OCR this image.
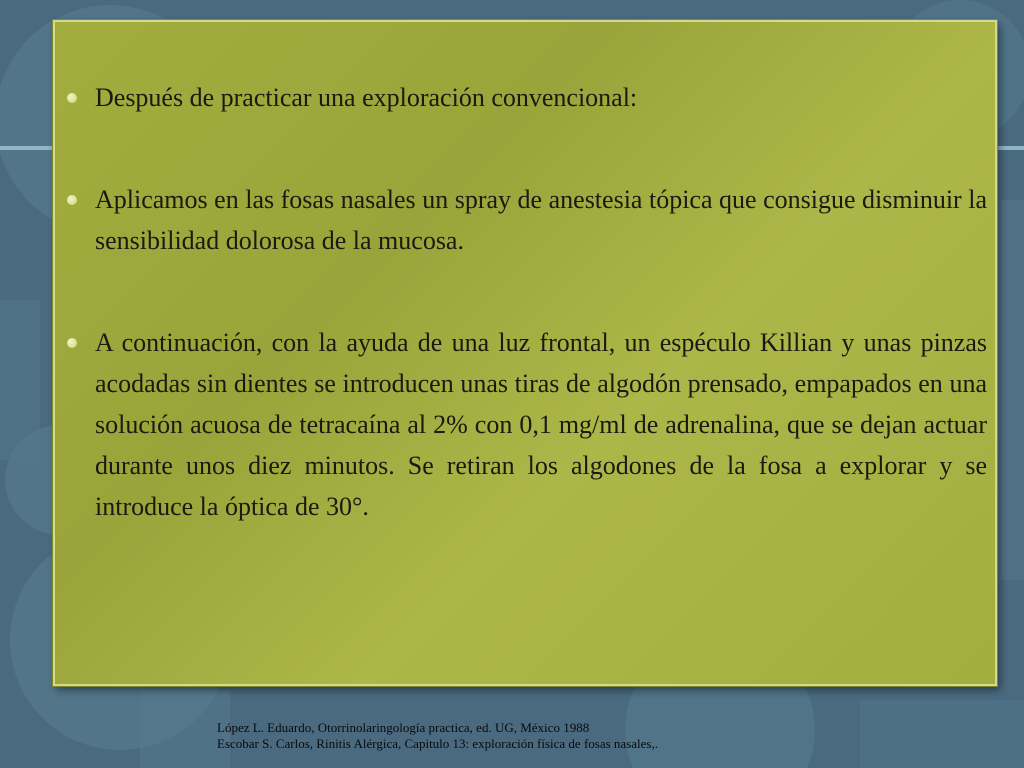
Después de practicar una exploración convencional:

Aplicamos en las fosas nasales un spray de anestesia tópica que consigue disminuir la sensibilidad dolorosa de la mucosa.

A continuación, con la ayuda de una luz frontal, un espéculo Killian y unas pinzas acodadas sin dientes se introducen unas tiras de algodón prensado, empapados en una solución acuosa de tetracaína al 2% con 0,1 mg/ml de adrenalina, que se dejan actuar durante unos diez minutos. Se retiran los algodones de la fosa a explorar y se introduce la óptica de 30°.

López L. Eduardo, Otorrinolaringología practica, ed. UG, México 1988
Escobar S. Carlos, Rinitis Alérgica, Capitulo 13: exploración física de fosas nasales,.
